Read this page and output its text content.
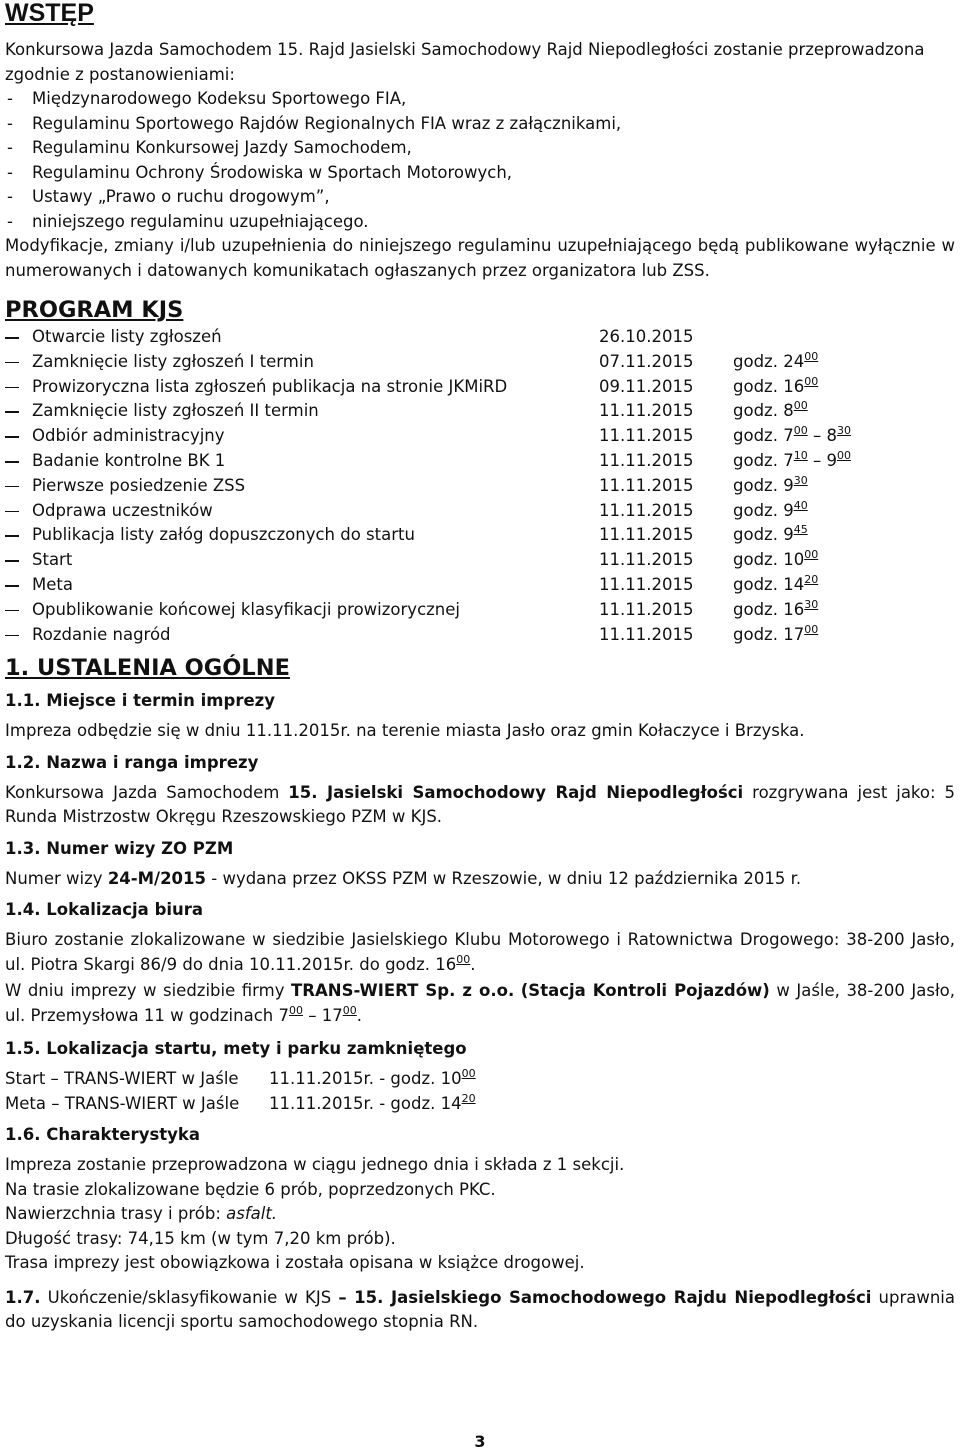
WSTĘP
Konkursowa Jazda Samochodem 15. Rajd Jasielski Samochodowy Rajd Niepodległości zostanie przeprowadzona zgodnie z postanowieniami:
- Międzynarodowego Kodeksu Sportowego FIA,
- Regulaminu Sportowego Rajdów Regionalnych FIA wraz z załącznikami,
- Regulaminu Konkursowej Jazdy Samochodem,
- Regulaminu Ochrony Środowiska w Sportach Motorowych,
- Ustawy „Prawo o ruchu drogowym”,
- niniejszego regulaminu uzupełniającego.
Modyfikacje, zmiany i/lub uzupełnienia do niniejszego regulaminu uzupełniającego będą publikowane wyłącznie w numerowanych i datowanych komunikatach ogłaszanych przez organizatora lub ZSS.
PROGRAM KJS
Otwarcie listy zgłoszeń	26.10.2015
Zamknięcie listy zgłoszeń I termin	07.11.2015 godz. $24^{00}$
Prowizoryczna lista zgłoszeń publikacja na stronie JKMiRD	09.11.2015 godz. $16^{00}$
Zamknięcie listy zgłoszeń II termin	11.11.2015 godz. $8^{00}$
Odbiór administracyjny	11.11.2015 godz. $7^{00} - 8^{30}$
Badanie kontrolne BK 1	11.11.2015 godz. $7^{10} - 9^{00}$
Pierwsze posiedzenie ZSS	11.11.2015 godz. $9^{30}$
Odprawa uczestników	11.11.2015 godz. $9^{40}$
Publikacja listy załóg dopuszczonych do startu	11.11.2015 godz. $9^{45}$
Start	11.11.2015 godz. $10^{00}$
Meta	11.11.2015 godz. $14^{20}$
Opublikowanie końcowej klasyfikacji prowizorycznej	11.11.2015 godz. $16^{30}$
Rozdanie nagród	11.11.2015 godz. $17^{00}$
1. USTALENIA OGÓLNE
1.1. Miejsce i termin imprezy
Impreza odbędzie się w dniu 11.11.2015r. na terenie miasta Jasło oraz gmin Kołaczyce i Brzyska.
1.2. Nazwa i ranga imprezy
Konkursowa Jazda Samochodem 15. Jasielski Samochodowy Rajd Niepodległości rozgrywana jest jako: 5 Runda Mistrzostw Okręgu Rzeszowskiego PZM w KJS.
1.3. Numer wizy ZO PZM
Numer wizy 24-M/2015 - wydana przez OKSS PZM w Rzeszowie, w dniu 12 października 2015 r.
1.4. Lokalizacja biura
Biuro zostanie zlokalizowane w siedzibie Jasielskiego Klubu Motorowego i Ratownictwa Drogowego: 38-200 Jasło, ul. Piotra Skargi 86/9 do dnia 10.11.2015r. do godz. $16^{00}$.
W dniu imprezy w siedzibie firmy TRANS-WIERT Sp. z o.o. (Stacja Kontroli Pojazdów) w Jaśle, 38-200 Jasło, ul. Przemysłowa 11 w godzinach $7^{00} - 17^{00}$.
1.5. Lokalizacja startu, mety i parku zamkniętego
Start – TRANS-WIERT w Jaśle 11.11.2015r. - godz. $10^{00}$
Meta – TRANS-WIERT w Jaśle 11.11.2015r. - godz. $14^{20}$
1.6. Charakterystyka
Impreza zostanie przeprowadzona w ciągu jednego dnia i składa z 1 sekcji.
Na trasie zlokalizowane będzie 6 prób, poprzedzonych PKC.
Nawierzchnia trasy i prób: asfalt.
Długość trasy: 74,15 km (w tym 7,20 km prób).
Trasa imprezy jest obowiązkowa i została opisana w książce drogowej.
1.7. Ukończenie/sklasyfikowanie w KJS – 15. Jasielskiego Samochodowego Rajdu Niepodległości uprawnia do uzyskania licencji sportu samochodowego stopnia RN.
3
